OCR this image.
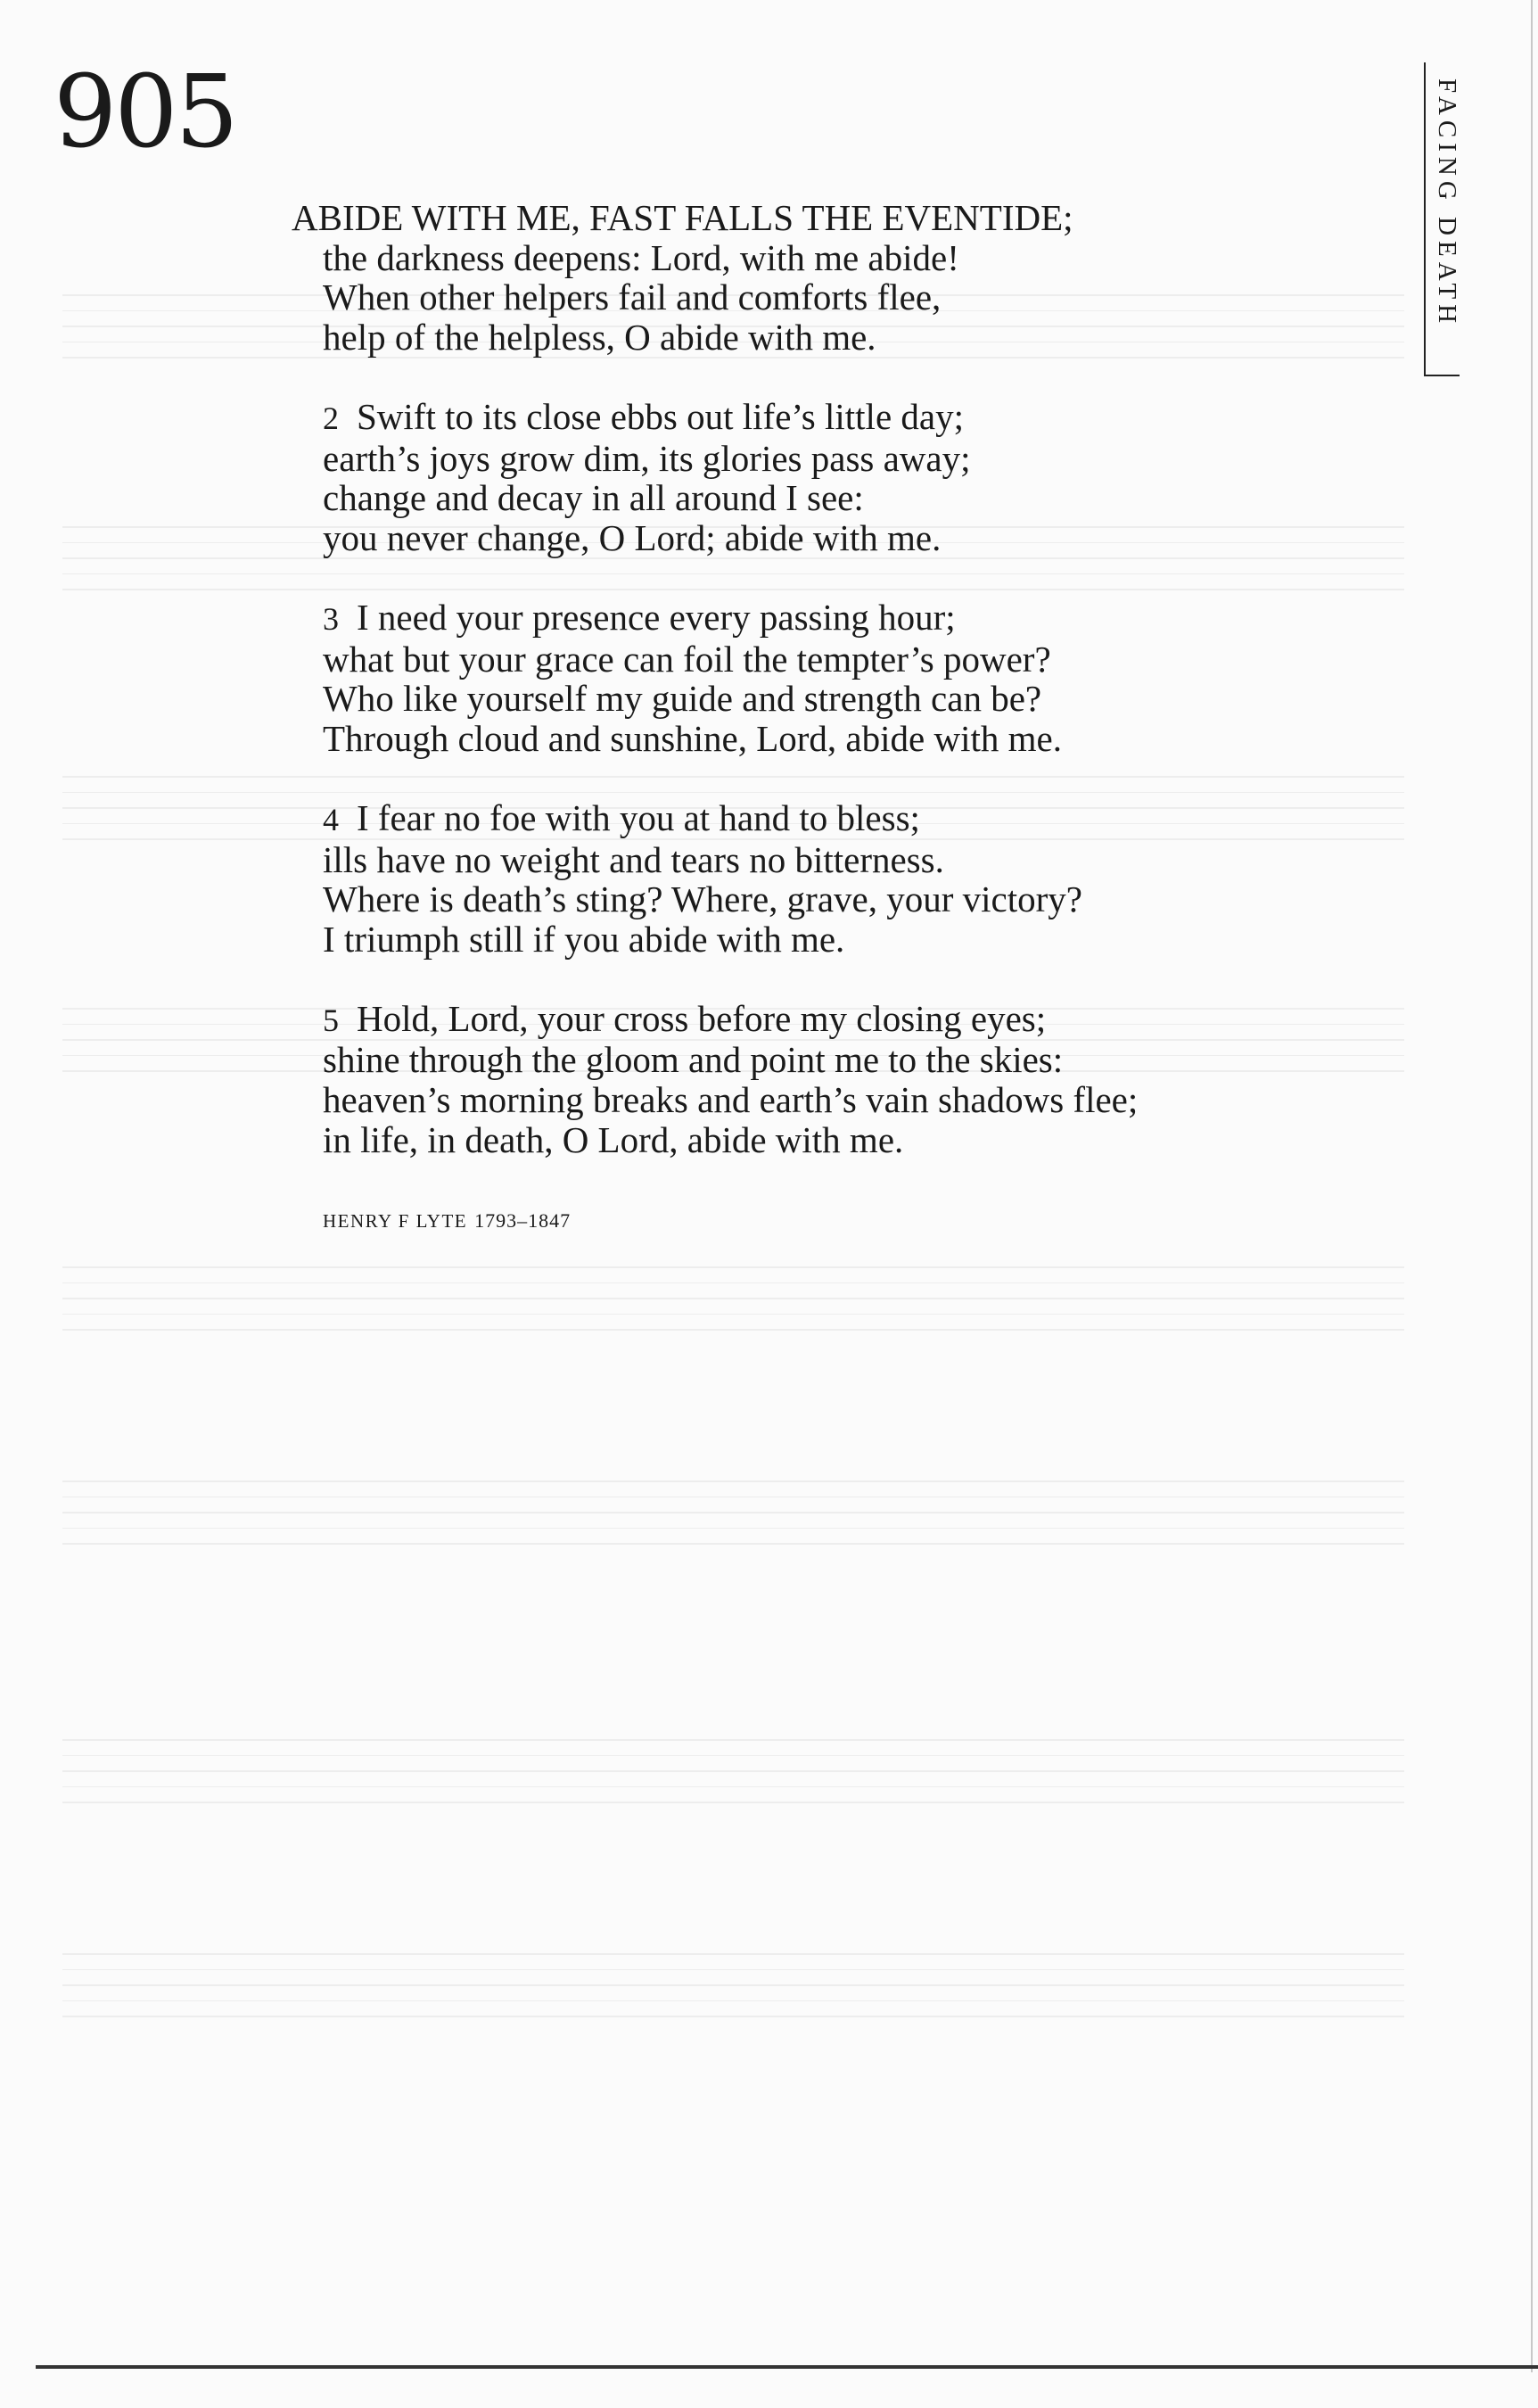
905	FACING DEATH
ABIDE WITH ME, FAST FALLS THE EVENTIDE;
the darkness deepens: Lord, with me abide!
When other helpers fail and comforts flee,
help of the helpless, O abide with me.
2 Swift to its close ebbs out life’s little day;
earth’s joys grow dim, its glories pass away;
change and decay in all around I see:
you never change, O Lord; abide with me.
3 I need your presence every passing hour;
what but your grace can foil the tempter’s power?
Who like yourself my guide and strength can be?
Through cloud and sunshine, Lord, abide with me.
4 I fear no foe with you at hand to bless;
ills have no weight and tears no bitterness.
Where is death’s sting? Where, grave, your victory?
I triumph still if you abide with me.
5 Hold, Lord, your cross before my closing eyes;
shine through the gloom and point me to the skies:
heaven’s morning breaks and earth’s vain shadows flee;
in life, in death, O Lord, abide with me.
HENRY F LYTE 1793–1847
